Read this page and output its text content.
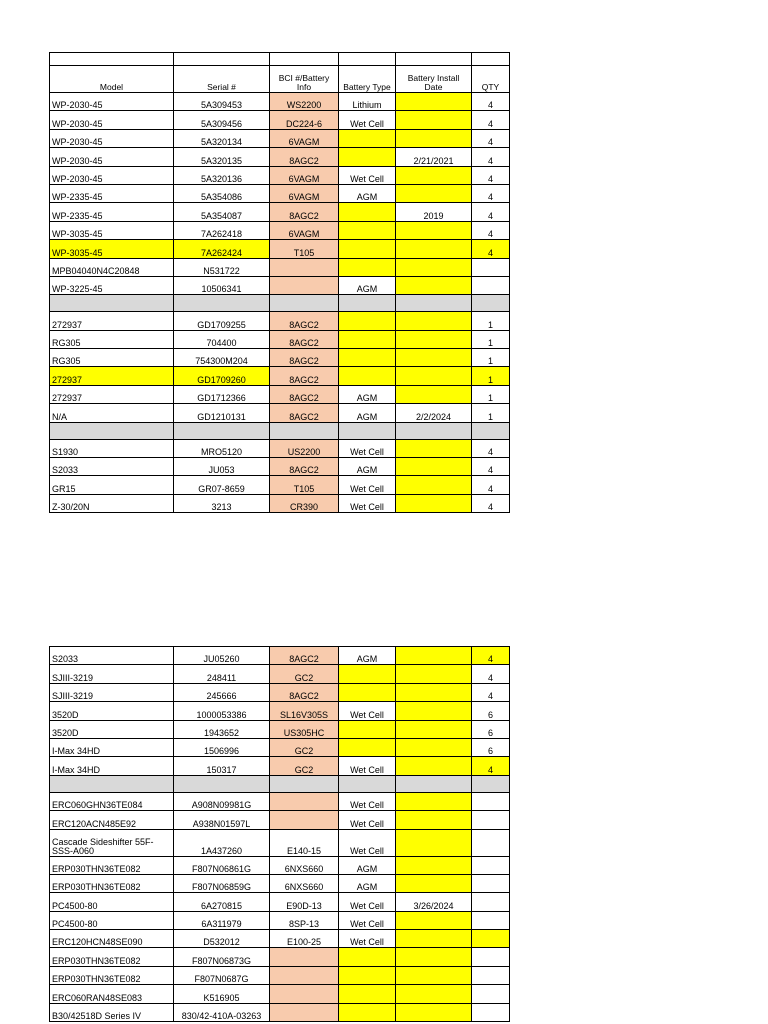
Model	Serial #	BCI #/Battery Info	Battery Type	Battery Install Date	QTY
WP-2030-45	5A309453	WS2200	Lithium		4
WP-2030-45	5A309456	DC224-6	Wet Cell		4
WP-2030-45	5A320134	6VAGM			4
WP-2030-45	5A320135	8AGC2		2/21/2021	4
WP-2030-45	5A320136	6VAGM	Wet Cell		4
WP-2335-45	5A354086	6VAGM	AGM		4
WP-2335-45	5A354087	8AGC2		2019	4
WP-3035-45	7A262418	6VAGM			4
WP-3035-45	7A262424	T105			4
MPB04040N4C20848	N531722				
WP-3225-45	10506341		AGM		

272937	GD1709255	8AGC2			1
RG305	704400	8AGC2			1
RG305	754300M204	8AGC2			1
272937	GD1709260	8AGC2			1
272937	GD1712366	8AGC2	AGM		1
N/A	GD1210131	8AGC2	AGM	2/2/2024	1

S1930	MRO5120	US2200	Wet Cell		4
S2033	JU053	8AGC2	AGM		4
GR15	GR07-8659	T105	Wet Cell		4
Z-30/20N	3213	CR390	Wet Cell		4
S2033	JU05260	8AGC2	AGM		4
SJIII-3219	248411	GC2			4
SJIII-3219	245666	8AGC2			4
3520D	1000053386	SL16V305S	Wet Cell		6
3520D	1943652	US305HC			6
I-Max 34HD	1506996	GC2			6
I-Max 34HD	150317	GC2	Wet Cell		4

ERC060GHN36TE084	A908N09981G		Wet Cell		
ERC120ACN485E92	A938N01597L		Wet Cell		
Cascade Sideshifter 55F-SSS-A060	1A437260	E140-15	Wet Cell		
ERP030THN36TE082	F807N06861G	6NXS660	AGM		
ERP030THN36TE082	F807N06859G	6NXS660	AGM		
PC4500-80	6A270815	E90D-13	Wet Cell	3/26/2024	
PC4500-80	6A311979	8SP-13	Wet Cell		
ERC120HCN48SE090	D532012	E100-25	Wet Cell		
ERP030THN36TE082	F807N06873G				
ERP030THN36TE082	F807N0687G				
ERC060RAN48SE083	K516905				
B30/42518D Series IV	830/42-410A-03263				
